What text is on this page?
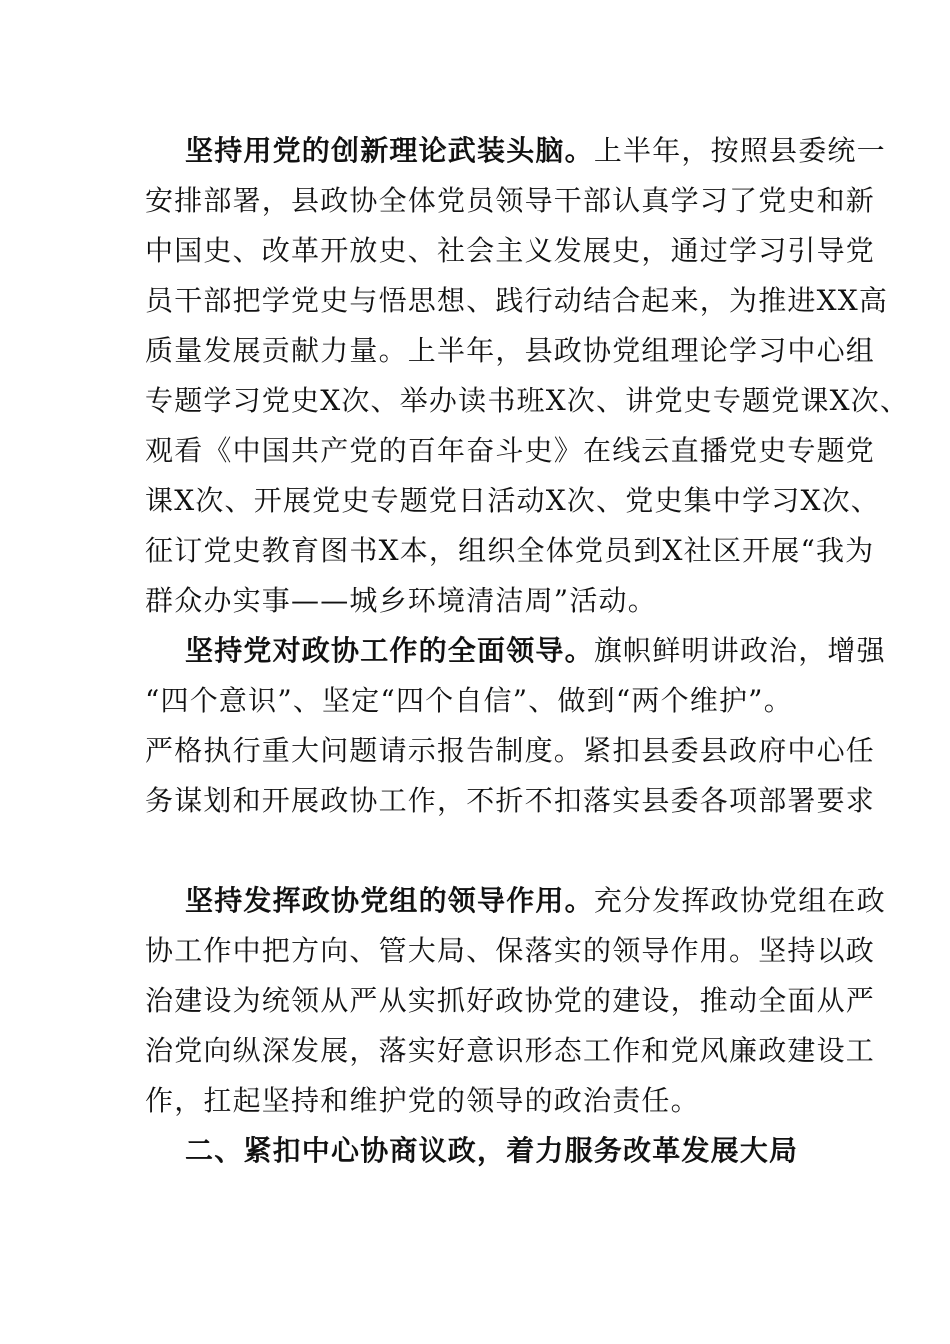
坚持用党的创新理论武装头脑。上半年，按照县委统一
安排部署，县政协全体党员领导干部认真学习了党史和新
中国史、改革开放史、社会主义发展史，通过学习引导党
员干部把学党史与悟思想、践行动结合起来，为推进XX高
质量发展贡献力量。上半年，县政协党组理论学习中心组
专题学习党史X次、举办读书班X次、讲党史专题党课X次、
观看《中国共产党的百年奋斗史》在线云直播党史专题党
课X次、开展党史专题党日活动X次、党史集中学习X次、
征订党史教育图书X本，组织全体党员到X社区开展“我为
群众办实事——城乡环境清洁周”活动。
坚持党对政协工作的全面领导。旗帜鲜明讲政治，增强
“四个意识”、坚定“四个自信”、做到“两个维护”。
严格执行重大问题请示报告制度。紧扣县委县政府中心任
务谋划和开展政协工作，不折不扣落实县委各项部署要求
坚持发挥政协党组的领导作用。充分发挥政协党组在政
协工作中把方向、管大局、保落实的领导作用。坚持以政
治建设为统领从严从实抓好政协党的建设，推动全面从严
治党向纵深发展，落实好意识形态工作和党风廉政建设工
作，扛起坚持和维护党的领导的政治责任。
二、紧扣中心协商议政，着力服务改革发展大局
